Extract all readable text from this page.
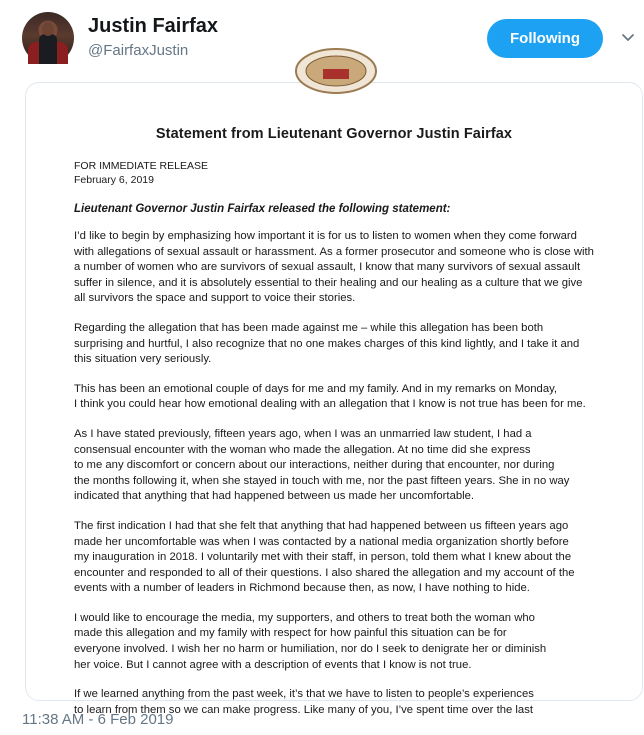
Justin Fairfax
@FairfaxJustin
Following
Statement from Lieutenant Governor Justin Fairfax
FOR IMMEDIATE RELEASE
February 6, 2019
Lieutenant Governor Justin Fairfax released the following statement:
I’d like to begin by emphasizing how important it is for us to listen to women when they come forward
with allegations of sexual assault or harassment. As a former prosecutor and someone who is close with
a number of women who are survivors of sexual assault, I know that many survivors of sexual assault
suffer in silence, and it is absolutely essential to their healing and our healing as a culture that we give
all survivors the space and support to voice their stories.
Regarding the allegation that has been made against me – while this allegation has been both
surprising and hurtful, I also recognize that no one makes charges of this kind lightly, and I take it and
this situation very seriously.
This has been an emotional couple of days for me and my family. And in my remarks on Monday,
I think you could hear how emotional dealing with an allegation that I know is not true has been for me.
As I have stated previously, fifteen years ago, when I was an unmarried law student, I had a
consensual encounter with the woman who made the allegation. At no time did she express
to me any discomfort or concern about our interactions, neither during that encounter, nor during
the months following it, when she stayed in touch with me, nor the past fifteen years. She in no way
indicated that anything that had happened between us made her uncomfortable.
The first indication I had that she felt that anything that had happened between us fifteen years ago
made her uncomfortable was when I was contacted by a national media organization shortly before
my inauguration in 2018. I voluntarily met with their staff, in person, told them what I knew about the
encounter and responded to all of their questions. I also shared the allegation and my account of the
events with a number of leaders in Richmond because then, as now, I have nothing to hide.
I would like to encourage the media, my supporters, and others to treat both the woman who
made this allegation and my family with respect for how painful this situation can be for
everyone involved. I wish her no harm or humiliation, nor do I seek to denigrate her or diminish
her voice. But I cannot agree with a description of events that I know is not true.
If we learned anything from the past week, it’s that we have to listen to people’s experiences
to learn from them so we can make progress. Like many of you, I’ve spent time over the last
11:38 AM - 6 Feb 2019
